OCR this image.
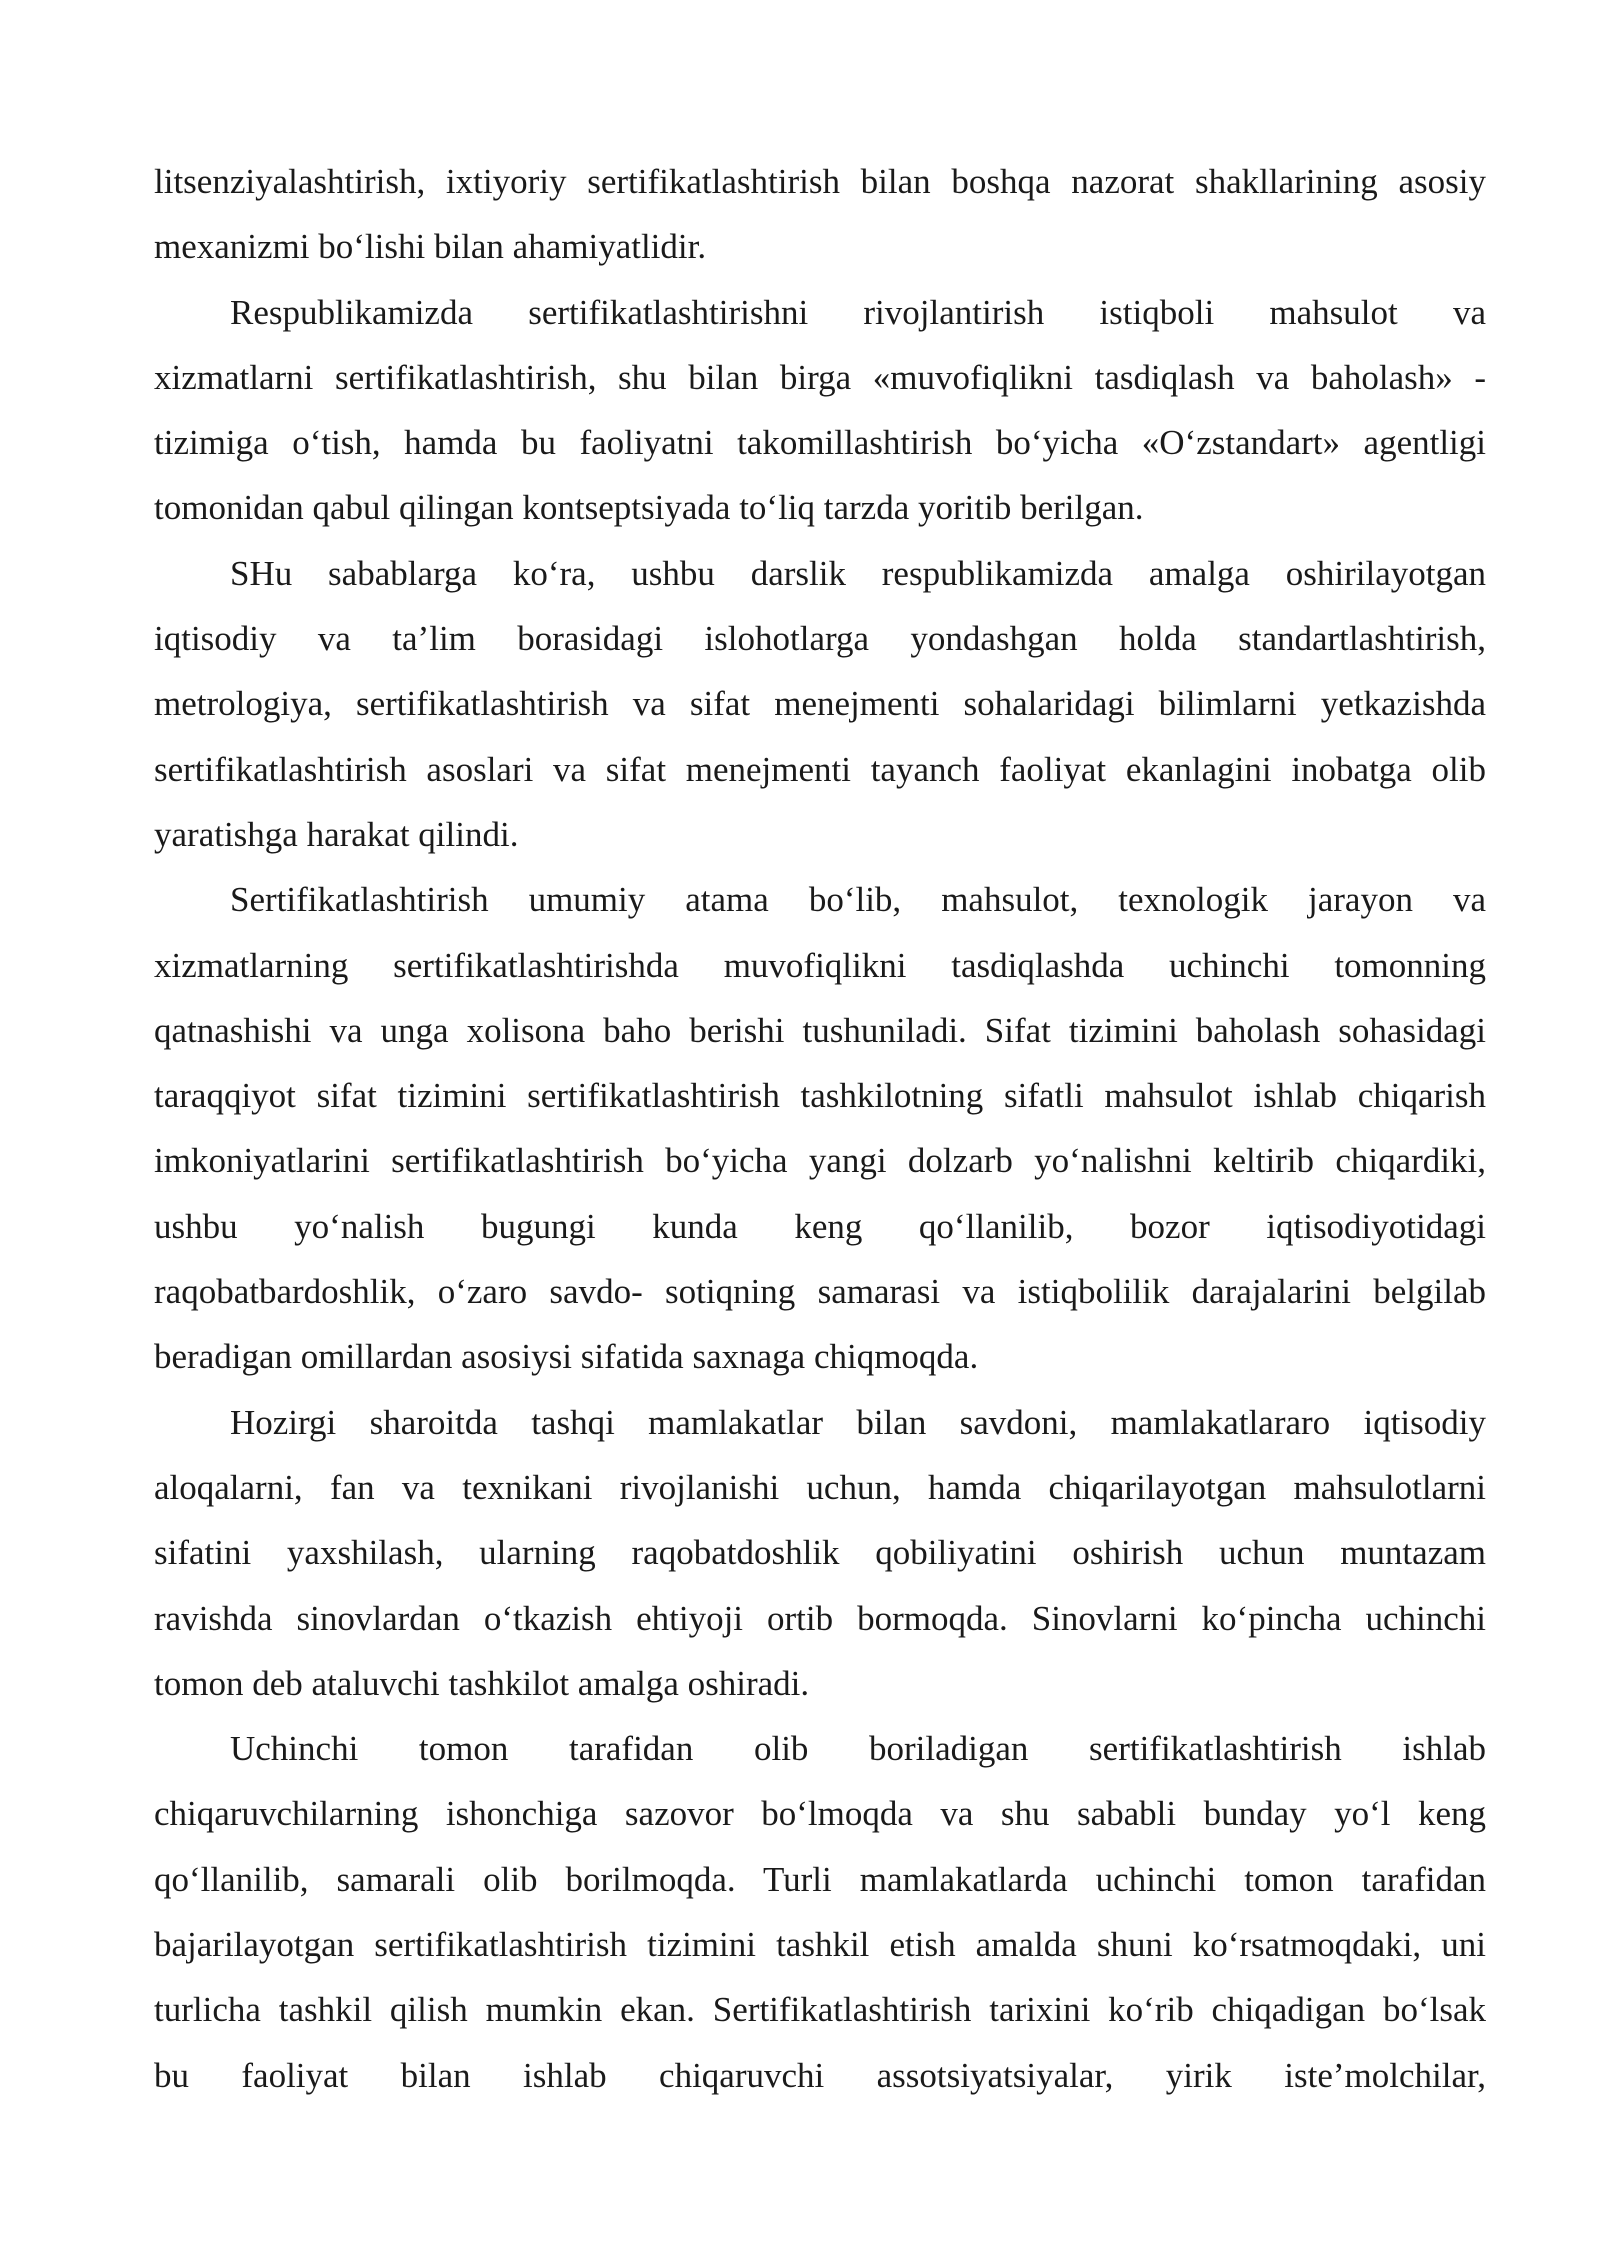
litsenziyalashtirish, ixtiyoriy sertifikatlashtirish bilan boshqa nazorat shakllarining asosiy
mexanizmi bo‘lishi bilan ahamiyatlidir.
Respublikamizda sertifikatlashtirishni rivojlantirish istiqboli mahsulot va
xizmatlarni sertifikatlashtirish, shu bilan birga «muvofiqlikni tasdiqlash va baholash» -
tizimiga o‘tish, hamda bu faoliyatni takomillashtirish bo‘yicha «O‘zstandart» agentligi
tomonidan qabul qilingan kontseptsiyada to‘liq tarzda yoritib berilgan.
SHu sabablarga ko‘ra, ushbu darslik respublikamizda amalga oshirilayotgan
iqtisodiy va ta’lim borasidagi islohotlarga yondashgan holda standartlashtirish,
metrologiya, sertifikatlashtirish va sifat menejmenti sohalaridagi bilimlarni yetkazishda
sertifikatlashtirish asoslari va sifat menejmenti tayanch faoliyat ekanlagini inobatga olib
yaratishga harakat qilindi.
Sertifikatlashtirish umumiy atama bo‘lib, mahsulot, texnologik jarayon va
xizmatlarning sertifikatlashtirishda muvofiqlikni tasdiqlashda uchinchi tomonning
qatnashishi va unga xolisona baho berishi tushuniladi. Sifat tizimini baholash sohasidagi
taraqqiyot sifat tizimini sertifikatlashtirish tashkilotning sifatli mahsulot ishlab chiqarish
imkoniyatlarini sertifikatlashtirish bo‘yicha yangi dolzarb yo‘nalishni keltirib chiqardiki,
ushbu yo‘nalish bugungi kunda keng qo‘llanilib, bozor iqtisodiyotidagi
raqobatbardoshlik, o‘zaro savdo- sotiqning samarasi va istiqbolilik darajalarini belgilab
beradigan omillardan asosiysi sifatida saxnaga chiqmoqda.
Hozirgi sharoitda tashqi mamlakatlar bilan savdoni, mamlakatlararo iqtisodiy
aloqalarni, fan va texnikani rivojlanishi uchun, hamda chiqarilayotgan mahsulotlarni
sifatini yaxshilash, ularning raqobatdoshlik qobiliyatini oshirish uchun muntazam
ravishda sinovlardan o‘tkazish ehtiyoji ortib bormoqda. Sinovlarni ko‘pincha uchinchi
tomon deb ataluvchi tashkilot amalga oshiradi.
Uchinchi tomon tarafidan olib boriladigan sertifikatlashtirish ishlab
chiqaruvchilarning ishonchiga sazovor bo‘lmoqda va shu sababli bunday yo‘l keng
qo‘llanilib, samarali olib borilmoqda. Turli mamlakatlarda uchinchi tomon tarafidan
bajarilayotgan sertifikatlashtirish tizimini tashkil etish amalda shuni ko‘rsatmoqdaki, uni
turlicha tashkil qilish mumkin ekan. Sertifikatlashtirish tarixini ko‘rib chiqadigan bo‘lsak
bu faoliyat bilan ishlab chiqaruvchi assotsiyatsiyalar, yirik iste’molchilar,
